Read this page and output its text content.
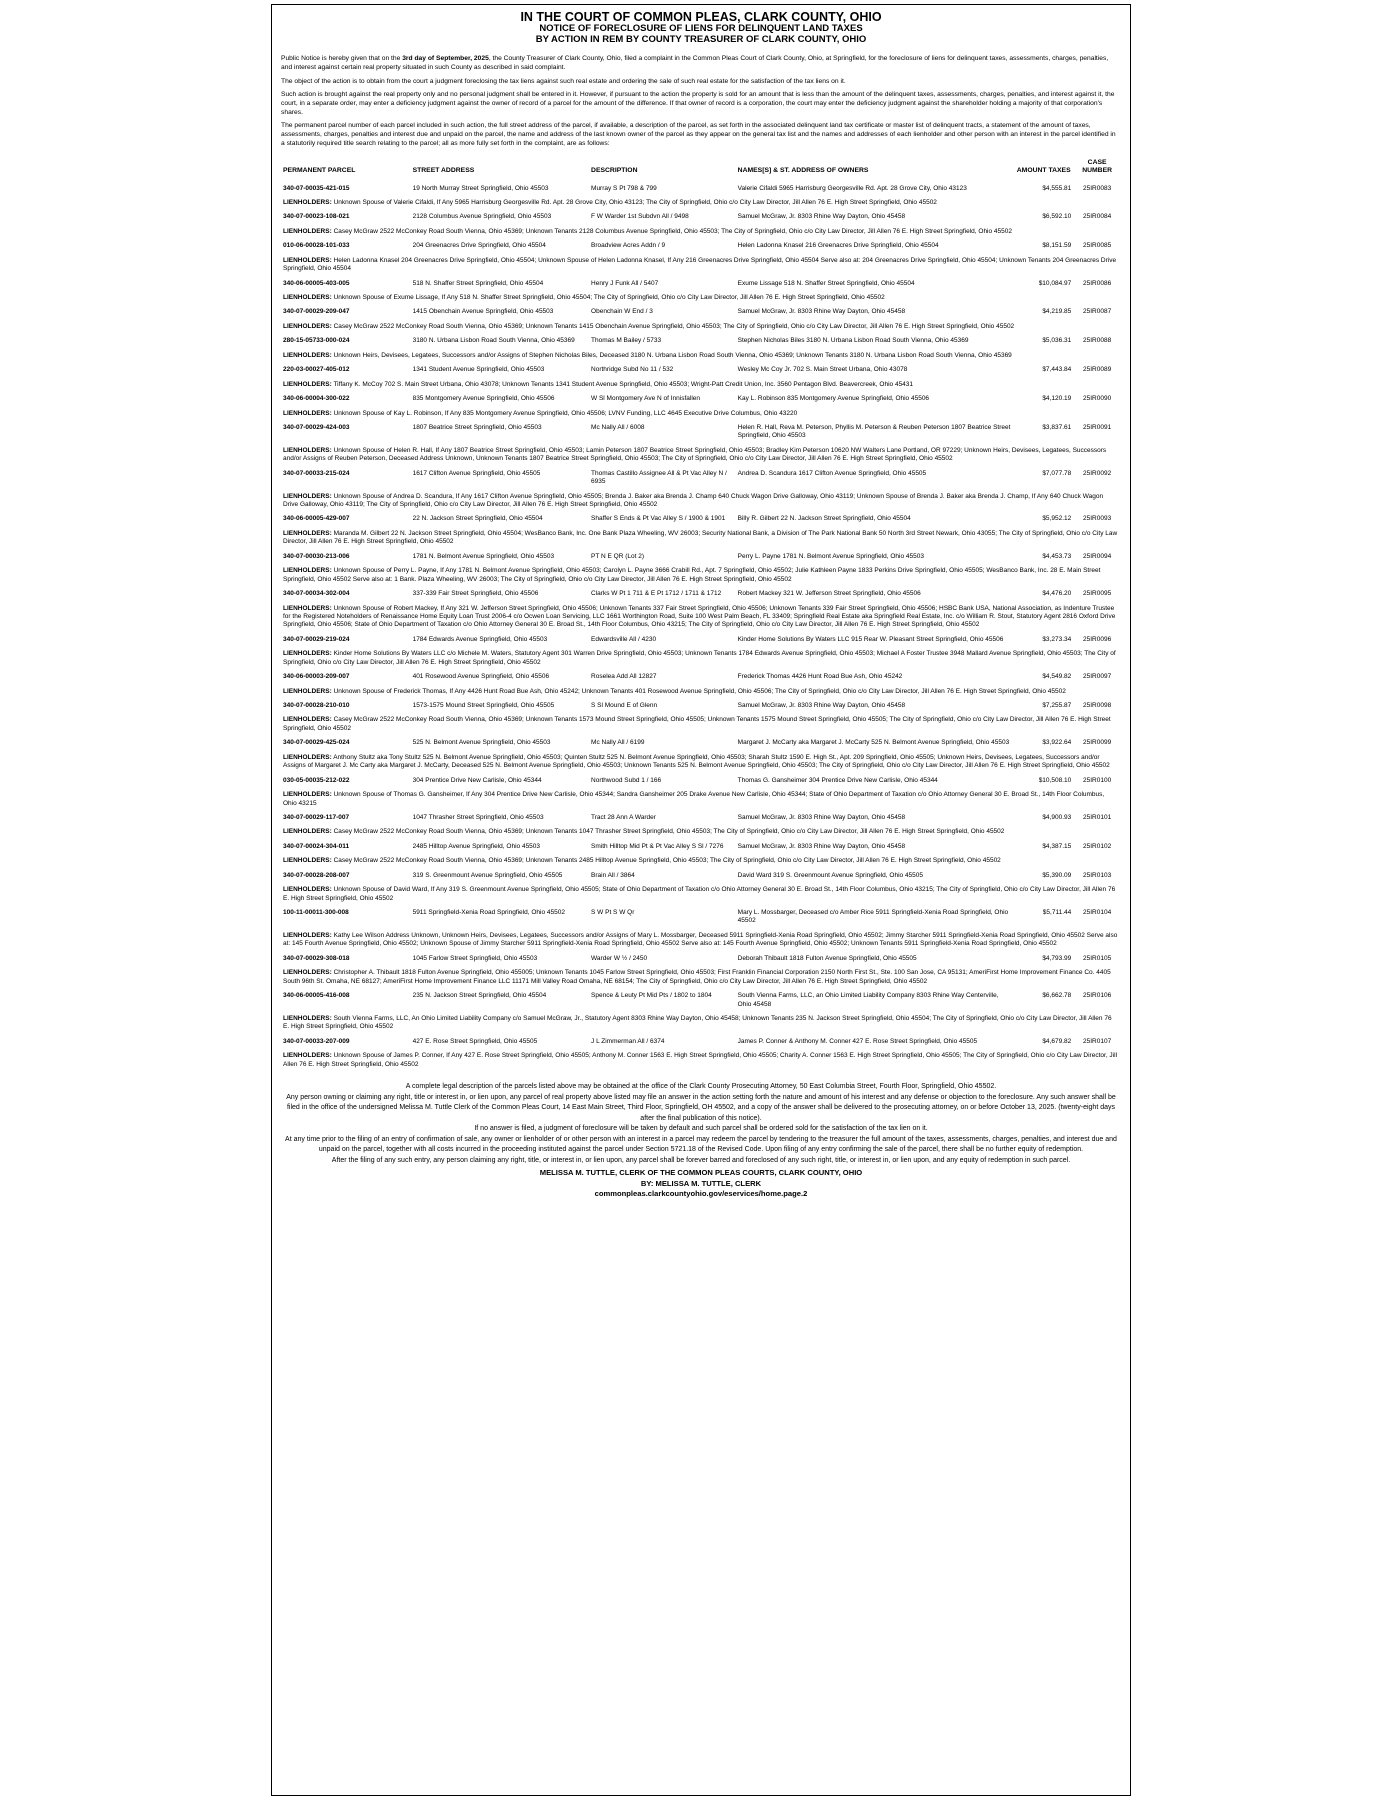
IN THE COURT OF COMMON PLEAS, CLARK COUNTY, OHIO
NOTICE OF FORECLOSURE OF LIENS FOR DELINQUENT LAND TAXES
BY ACTION IN REM BY COUNTY TREASURER OF CLARK COUNTY, OHIO

Public Notice is hereby given that on the 3rd day of September, 2025, the County Treasurer of Clark County, Ohio, filed a complaint in the Common Pleas Court of Clark County, Ohio, at Springfield, for the foreclosure of liens for delinquent taxes, assessments, charges, penalties, and interest against certain real property situated in such County as described in said complaint.

The object of the action is to obtain from the court a judgment foreclosing the tax liens against such real estate and ordering the sale of such real estate for the satisfaction of the tax liens on it.

Such action is brought against the real property only and no personal judgment shall be entered in it. However, if pursuant to the action the property is sold for an amount that is less than the amount of the delinquent taxes, assessments, charges, penalties, and interest against it, the court, in a separate order, may enter a deficiency judgment against the owner of record of a parcel for the amount of the difference. If that owner of record is a corporation, the court may enter the deficiency judgment against the shareholder holding a majority of that corporation's shares.

The permanent parcel number of each parcel included in such action, the full street address of the parcel, if available, a description of the parcel, as set forth in the associated delinquent land tax certificate or master list of delinquent tracts, a statement of the amount of taxes, assessments, charges, penalties and interest due and unpaid on the parcel, the name and address of the last known owner of the parcel as they appear on the general tax list and the names and addresses of each lienholder and other person with an interest in the parcel identified in a statutorily required title search relating to the parcel; all as more fully set forth in the complaint, are as follows:

PERMANENT PARCEL	STREET ADDRESS	DESCRIPTION	NAMES[S] & ST. ADDRESS OF OWNERS	AMOUNT TAXES	CASE NUMBER
340-07-00035-421-015	19 North Murray Street Springfield, Ohio 45503	Murray S Pt 798 & 799	Valerie Cifaldi 5965 Harrisburg Georgesville Rd. Apt. 28 Grove City, Ohio 43123	$4,555.81	25IR0083
LIENHOLDERS: Unknown Spouse of Valerie Cifaldi, If Any 5965 Harrisburg Georgesville Rd. Apt. 28 Grove City, Ohio 43123; The City of Springfield, Ohio c/o City Law Director, Jill Allen 76 E. High Street Springfield, Ohio 45502					
340-07-00023-108-021	2128 Columbus Avenue Springfield, Ohio 45503	F W Warder 1st Subdvn All / 9498	Samuel McGraw, Jr. 8303 Rhine Way Dayton, Ohio 45458	$6,592.10	25IR0084
LIENHOLDERS: Casey McGraw 2522 McConkey Road South Vienna, Ohio 45369; Unknown Tenants 2128 Columbus Avenue Springfield, Ohio 45503; The City of Springfield, Ohio c/o City Law Director, Jill Allen 76 E. High Street Springfield, Ohio 45502					
010-06-00028-101-033	204 Greenacres Drive Springfield, Ohio 45504	Broadview Acres Addn / 9	Helen Ladonna Knasel 216 Greenacres Drive Springfield, Ohio 45504	$8,151.59	25IR0085
LIENHOLDERS: Helen Ladonna Knasel 204 Greenacres Drive Springfield, Ohio 45504; Unknown Spouse of Helen Ladonna Knasel, If Any 216 Greenacres Drive Springfield, Ohio 45504 Serve also at: 204 Greenacres Drive Springfield, Ohio 45504; Unknown Tenants 204 Greenacres Drive Springfield, Ohio 45504					
340-06-00005-403-005	518 N. Shaffer Street Springfield, Ohio 45504	Henry J Funk All / 5407	Exume Lissage 518 N. Shaffer Street Springfield, Ohio 45504	$10,084.97	25IR0086
LIENHOLDERS: Unknown Spouse of Exume Lissage, If Any 518 N. Shaffer Street Springfield, Ohio 45504; The City of Springfield, Ohio c/o City Law Director, Jill Allen 76 E. High Street Springfield, Ohio 45502					
340-07-00029-209-047	1415 Obenchain Avenue Springfield, Ohio 45503	Obenchain W End / 3	Samuel McGraw, Jr. 8303 Rhine Way Dayton, Ohio 45458	$4,219.85	25IR0087
LIENHOLDERS: Casey McGraw 2522 McConkey Road South Vienna, Ohio 45369; Unknown Tenants 1415 Obenchain Avenue Springfield, Ohio 45503; The City of Springfield, Ohio c/o City Law Director, Jill Allen 76 E. High Street Springfield, Ohio 45502					
280-15-05733-000-024	3180 N. Urbana Lisbon Road South Vienna, Ohio 45369	Thomas M Bailey / 5733	Stephen Nicholas Biles 3180 N. Urbana Lisbon Road South Vienna, Ohio 45369	$5,036.31	25IR0088
LIENHOLDERS: Unknown Heirs, Devisees, Legatees, Successors and/or Assigns of Stephen Nicholas Biles, Deceased 3180 N. Urbana Lisbon Road South Vienna, Ohio 45369; Unknown Tenants 3180 N. Urbana Lisbon Road South Vienna, Ohio 45369					
220-03-00027-405-012	1341 Student Avenue Springfield, Ohio 45503	Northridge Subd No 11 / 532	Wesley Mc Coy Jr. 702 S. Main Street Urbana, Ohio 43078	$7,443.84	25IR0089
LIENHOLDERS: Tiffany K. McCoy 702 S. Main Street Urbana, Ohio 43078; Unknown Tenants 1341 Student Avenue Springfield, Ohio 45503; Wright-Patt Credit Union, Inc. 3560 Pentagon Blvd. Beavercreek, Ohio 45431					
340-06-00004-300-022	835 Montgomery Avenue Springfield, Ohio 45506	W Sl Montgomery Ave N of Innisfallen	Kay L. Robinson 835 Montgomery Avenue Springfield, Ohio 45506	$4,120.19	25IR0090
LIENHOLDERS: Unknown Spouse of Kay L. Robinson, If Any 835 Montgomery Avenue Springfield, Ohio 45506; LVNV Funding, LLC 4645 Executive Drive Columbus, Ohio 43220					
340-07-00029-424-003	1807 Beatrice Street Springfield, Ohio 45503	Mc Nally All / 6008	Helen R. Hall, Reva M. Peterson, Phyllis M. Peterson & Reuben Peterson 1807 Beatrice Street Springfield, Ohio 45503	$3,837.61	25IR0091
LIENHOLDERS: Unknown Spouse of Helen R. Hall, If Any 1807 Beatrice Street Springfield, Ohio 45503; Lamin Peterson 1807 Beatrice Street Springfield, Ohio 45503; Bradley Kim Peterson 10620 NW Walters Lane Portland, OR 97229; Unknown Heirs, Devisees, Legatees, Successors and/or Assigns of Reuben Peterson, Deceased Address Unknown, Unknown Tenants 1807 Beatrice Street Springfield, Ohio 45503; The City of Springfield, Ohio c/o City Law Director, Jill Allen 76 E. High Street Springfield, Ohio 45502					
340-07-00033-215-024	1617 Clifton Avenue Springfield, Ohio 45505	Thomas Castillo Assignee All & Pt Vac Alley N / 6935	Andrea D. Scandura 1617 Clifton Avenue Springfield, Ohio 45505	$7,077.78	25IR0092
LIENHOLDERS: Unknown Spouse of Andrea D. Scandura, If Any 1617 Clifton Avenue Springfield, Ohio 45505; Brenda J. Baker aka Brenda J. Champ 640 Chuck Wagon Drive Galloway, Ohio 43119; Unknown Spouse of Brenda J. Baker aka Brenda J. Champ, If Any 640 Chuck Wagon Drive Galloway, Ohio 43119; The City of Springfield, Ohio c/o City Law Director, Jill Allen 76 E. High Street Springfield, Ohio 45502					
340-06-00005-429-007	22 N. Jackson Street Springfield, Ohio 45504	Shaffer S Ends & Pt Vac Alley S / 1900 & 1901	Billy R. Gilbert 22 N. Jackson Street Springfield, Ohio 45504	$5,952.12	25IR0093
LIENHOLDERS: Maranda M. Gilbert 22 N. Jackson Street Springfield, Ohio 45504; WesBanco Bank, Inc. One Bank Plaza Wheeling, WV 26003; Security National Bank, a Division of The Park National Bank 50 North 3rd Street Newark, Ohio 43055; The City of Springfield, Ohio c/o City Law Director, Jill Allen 76 E. High Street Springfield, Ohio 45502					
340-07-00030-213-006	1781 N. Belmont Avenue Springfield, Ohio 45503	PT N E QR (Lot 2)	Perry L. Payne 1781 N. Belmont Avenue Springfield, Ohio 45503	$4,453.73	25IR0094
LIENHOLDERS: Unknown Spouse of Perry L. Payne, If Any 1781 N. Belmont Avenue Springfield, Ohio 45503; Carolyn L. Payne 3666 Crabill Rd., Apt. 7 Springfield, Ohio 45502; Julie Kathleen Payne 1833 Perkins Drive Springfield, Ohio 45505; WesBanco Bank, Inc. 28 E. Main Street Springfield, Ohio 45502 Serve also at: 1 Bank. Plaza Wheeling, WV 26003; The City of Springfield, Ohio c/o City Law Director, Jill Allen 76 E. High Street Springfield, Ohio 45502					
340-07-00034-302-004	337-339 Fair Street Springfield, Ohio 45506	Clarks W Pt 1 711 & E Pt 1712 / 1711 & 1712	Robert Mackey 321 W. Jefferson Street Springfield, Ohio 45506	$4,476.20	25IR0095
LIENHOLDERS: Unknown Spouse of Robert Mackey, If Any 321 W. Jefferson Street Springfield, Ohio 45506; Unknown Tenants 337 Fair Street Springfield, Ohio 45506; Unknown Tenants 339 Fair Street Springfield, Ohio 45506; HSBC Bank USA, National Association, as Indenture Trustee for the Registered Noteholders of Renaissance Home Equity Loan Trust 2006-4 c/o Ocwen Loan Servicing, LLC 1661 Worthington Road, Suite 100 West Palm Beach, FL 33409; Springfield Real Estate aka Springfield Real Estate, Inc. c/o William R. Stout, Statutory Agent 2816 Oxford Drive Springfield, Ohio 45506; State of Ohio Department of Taxation c/o Ohio Attorney General 30 E. Broad St., 14th Floor Columbus, Ohio 43215; The City of Springfield, Ohio c/o City Law Director, Jill Allen 76 E. High Street Springfield, Ohio 45502					
340-07-00029-219-024	1784 Edwards Avenue Springfield, Ohio 45503	Edwardsville All / 4230	Kinder Home Solutions By Waters LLC 915 Rear W. Pleasant Street Springfield, Ohio 45506	$3,273.34	25IR0096
LIENHOLDERS: Kinder Home Solutions By Waters LLC c/o Michele M. Waters, Statutory Agent 301 Warren Drive Springfield, Ohio 45503; Unknown Tenants 1784 Edwards Avenue Springfield, Ohio 45503; Michael A Foster Trustee 3948 Mallard Avenue Springfield, Ohio 45503; The City of Springfield, Ohio c/o City Law Director, Jill Allen 76 E. High Street Springfield, Ohio 45502					
340-06-00003-209-007	401 Rosewood Avenue Springfield, Ohio 45506	Roselea Add All 12827	Frederick Thomas 4426 Hunt Road Bue Ash, Ohio 45242	$4,549.82	25IR0097
LIENHOLDERS: Unknown Spouse of Frederick Thomas, If Any 4426 Hunt Road Bue Ash, Ohio 45242; Unknown Tenants 401 Rosewood Avenue Springfield, Ohio 45506; The City of Springfield, Ohio c/o City Law Director, Jill Allen 76 E. High Street Springfield, Ohio 45502					
340-07-00028-210-010	1573-1575 Mound Street Springfield, Ohio 45505	S Sl Mound E of Glenn	Samuel McGraw, Jr. 8303 Rhine Way Dayton, Ohio 45458	$7,255.87	25IR0098
LIENHOLDERS: Casey McGraw 2522 McConkey Road South Vienna, Ohio 45369; Unknown Tenants 1573 Mound Street Springfield, Ohio 45505; Unknown Tenants 1575 Mound Street Springfield, Ohio 45505; The City of Springfield, Ohio c/o City Law Director, Jill Allen 76 E. High Street Springfield, Ohio 45502					
340-07-00029-425-024	525 N. Belmont Avenue Springfield, Ohio 45503	Mc Nally All / 6199	Margaret J. McCarty aka Margaret J. McCarty 525 N. Belmont Avenue Springfield, Ohio 45503	$3,922.64	25IR0099
LIENHOLDERS: Anthony Stultz aka Tony Stultz 525 N. Belmont Avenue Springfield, Ohio 45503; Quinten Stultz 525 N. Belmont Avenue Springfield, Ohio 45503; Sharah Stultz 1590 E. High St., Apt. 209 Springfield, Ohio 45505; Unknown Heirs, Devisees, Legatees, Successors and/or Assigns of Margaret J. Mc Carty aka Margaret J. McCarty, Deceased 525 N. Belmont Avenue Springfield, Ohio 45503; Unknown Tenants 525 N. Belmont Avenue Springfield, Ohio 45503; The City of Springfield, Ohio c/o City Law Director, Jill Allen 76 E. High Street Springfield, Ohio 45502					
030-05-00035-212-022	304 Prentice Drive New Carlisle, Ohio 45344	Northwood Subd 1 / 166	Thomas G. Gansheimer 304 Prentice Drive New Carlisle, Ohio 45344	$10,508.10	25IR0100
LIENHOLDERS: Unknown Spouse of Thomas G. Gansheimer, If Any 304 Prentice Drive New Carlisle, Ohio 45344; Sandra Gansheimer 205 Drake Avenue New Carlisle, Ohio 45344; State of Ohio Department of Taxation c/o Ohio Attorney General 30 E. Broad St., 14th Floor Columbus, Ohio 43215					
340-07-00029-117-007	1047 Thrasher Street Springfield, Ohio 45503	Tract 28 Ann A Warder	Samuel McGraw, Jr. 8303 Rhine Way Dayton, Ohio 45458	$4,900.93	25IR0101
LIENHOLDERS: Casey McGraw 2522 McConkey Road South Vienna, Ohio 45369; Unknown Tenants 1047 Thrasher Street Springfield, Ohio 45503; The City of Springfield, Ohio c/o City Law Director, Jill Allen 76 E. High Street Springfield, Ohio 45502					
340-07-00024-304-011	2485 Hilltop Avenue Springfield, Ohio 45503	Smith Hilltop Mid Pt & Pt Vac Alley S Sl / 7276	Samuel McGraw, Jr. 8303 Rhine Way Dayton, Ohio 45458	$4,387.15	25IR0102
LIENHOLDERS: Casey McGraw 2522 McConkey Road South Vienna, Ohio 45369; Unknown Tenants 2485 Hilltop Avenue Springfield, Ohio 45503; The City of Springfield, Ohio c/o City Law Director, Jill Allen 76 E. High Street Springfield, Ohio 45502					
340-07-00028-208-007	319 S. Greenmount Avenue Springfield, Ohio 45505	Brain All / 3864	David Ward 319 S. Greenmount Avenue Springfield, Ohio 45505	$5,390.09	25IR0103
LIENHOLDERS: Unknown Spouse of David Ward, If Any 319 S. Greenmount Avenue Springfield, Ohio 45505; State of Ohio Department of Taxation c/o Ohio Attorney General 30 E. Broad St., 14th Floor Columbus, Ohio 43215; The City of Springfield, Ohio c/o City Law Director, Jill Allen 76 E. High Street Springfield, Ohio 45502					
100-11-00011-300-008	5911 Springfield-Xenia Road Springfield, Ohio 45502	S W Pt S W Qr	Mary L. Mossbarger, Deceased c/o Amber Rice 5911 Springfield-Xenia Road Springfield, Ohio 45502	$5,711.44	25IR0104
LIENHOLDERS: Kathy Lee Wilson Address Unknown, Unknown Heirs, Devisees, Legatees, Successors and/or Assigns of Mary L. Mossbarger, Deceased 5911 Springfield-Xenia Road Springfield, Ohio 45502; Jimmy Starcher 5911 Springfield-Xenia Road Springfield, Ohio 45502 Serve also at: 145 Fourth Avenue Springfield, Ohio 45502; Unknown Spouse of Jimmy Starcher 5911 Springfield-Xenia Road Springfield, Ohio 45502 Serve also at: 145 Fourth Avenue Springfield, Ohio 45502; Unknown Tenants 5911 Springfield-Xenia Road Springfield, Ohio 45502					
340-07-00029-308-018	1045 Farlow Street Springfield, Ohio 45503	Warder W ½ / 2450	Deborah Thibault 1818 Fulton Avenue Springfield, Ohio 45505	$4,793.99	25IR0105
LIENHOLDERS: Christopher A. Thibault 1818 Fulton Avenue Springfield, Ohio 455005; Unknown Tenants 1045 Farlow Street Springfield, Ohio 45503; First Franklin Financial Corporation 2150 North First St., Ste. 100 San Jose, CA 95131; AmeriFirst Home Improvement Finance Co. 4405 South 96th St. Omaha, NE 68127; AmeriFirst Home Improvement Finance LLC 11171 Mill Valley Road Omaha, NE 68154; The City of Springfield, Ohio c/o City Law Director, Jill Allen 76 E. High Street Springfield, Ohio 45502					
340-06-00005-416-008	235 N. Jackson Street Springfield, Ohio 45504	Spence & Leuty Pt Mid Pts / 1802 to 1804	South Vienna Farms, LLC, an Ohio Limited Liability Company 8303 Rhine Way Centerville, Ohio 45458	$6,662.78	25IR0106
LIENHOLDERS: South Vienna Farms, LLC, An Ohio Limited Liability Company c/o Samuel McGraw, Jr., Statutory Agent 8303 Rhine Way Dayton, Ohio 45458; Unknown Tenants 235 N. Jackson Street Springfield, Ohio 45504; The City of Springfield, Ohio c/o City Law Director, Jill Allen 76 E. High Street Springfield, Ohio 45502					
340-07-00033-207-009	427 E. Rose Street Springfield, Ohio 45505	J L Zimmerman All / 6374	James P. Conner & Anthony M. Conner 427 E. Rose Street Springfield, Ohio 45505	$4,679.82	25IR0107
LIENHOLDERS: Unknown Spouse of James P. Conner, If Any 427 E. Rose Street Springfield, Ohio 45505; Anthony M. Conner 1563 E. High Street Springfield, Ohio 45505; Charity A. Conner 1563 E. High Street Springfield, Ohio 45505; The City of Springfield, Ohio c/o City Law Director, Jill Allen 76 E. High Street Springfield, Ohio 45502					

A complete legal description of the parcels listed above may be obtained at the office of the Clark County Prosecuting Attorney, 50 East Columbia Street, Fourth Floor, Springfield, Ohio 45502.

Any person owning or claiming any right, title or interest in, or lien upon, any parcel of real property above listed may file an answer in the action setting forth the nature and amount of his interest and any defense or objection to the foreclosure. Any such answer shall be filed in the office of the undersigned Melissa M. Tuttle Clerk of the Common Pleas Court, 14 East Main Street, Third Floor, Springfield, OH 45502, and a copy of the answer shall be delivered to the prosecuting attorney, on or before October 13, 2025. (twenty-eight days after the final publication of this notice).

If no answer is filed, a judgment of foreclosure will be taken by default and such parcel shall be ordered sold for the satisfaction of the tax lien on it.

At any time prior to the filing of an entry of confirmation of sale, any owner or lienholder of or other person with an interest in a parcel may redeem the parcel by tendering to the treasurer the full amount of the taxes, assessments, charges, penalties, and interest due and unpaid on the parcel, together with all costs incurred in the proceeding instituted against the parcel under Section 5721.18 of the Revised Code. Upon filing of any entry confirming the sale of the parcel, there shall be no further equity of redemption.

After the filing of any such entry, any person claiming any right, title, or interest in, or lien upon, any parcel shall be forever barred and foreclosed of any such right, title, or interest in, or lien upon, and any equity of redemption in such parcel.

MELISSA M. TUTTLE, CLERK OF THE COMMON PLEAS COURTS, CLARK COUNTY, OHIO
BY: MELISSA M. TUTTLE, CLERK
commonpleas.clarkcountyohio.gov/eservices/home.page.2
